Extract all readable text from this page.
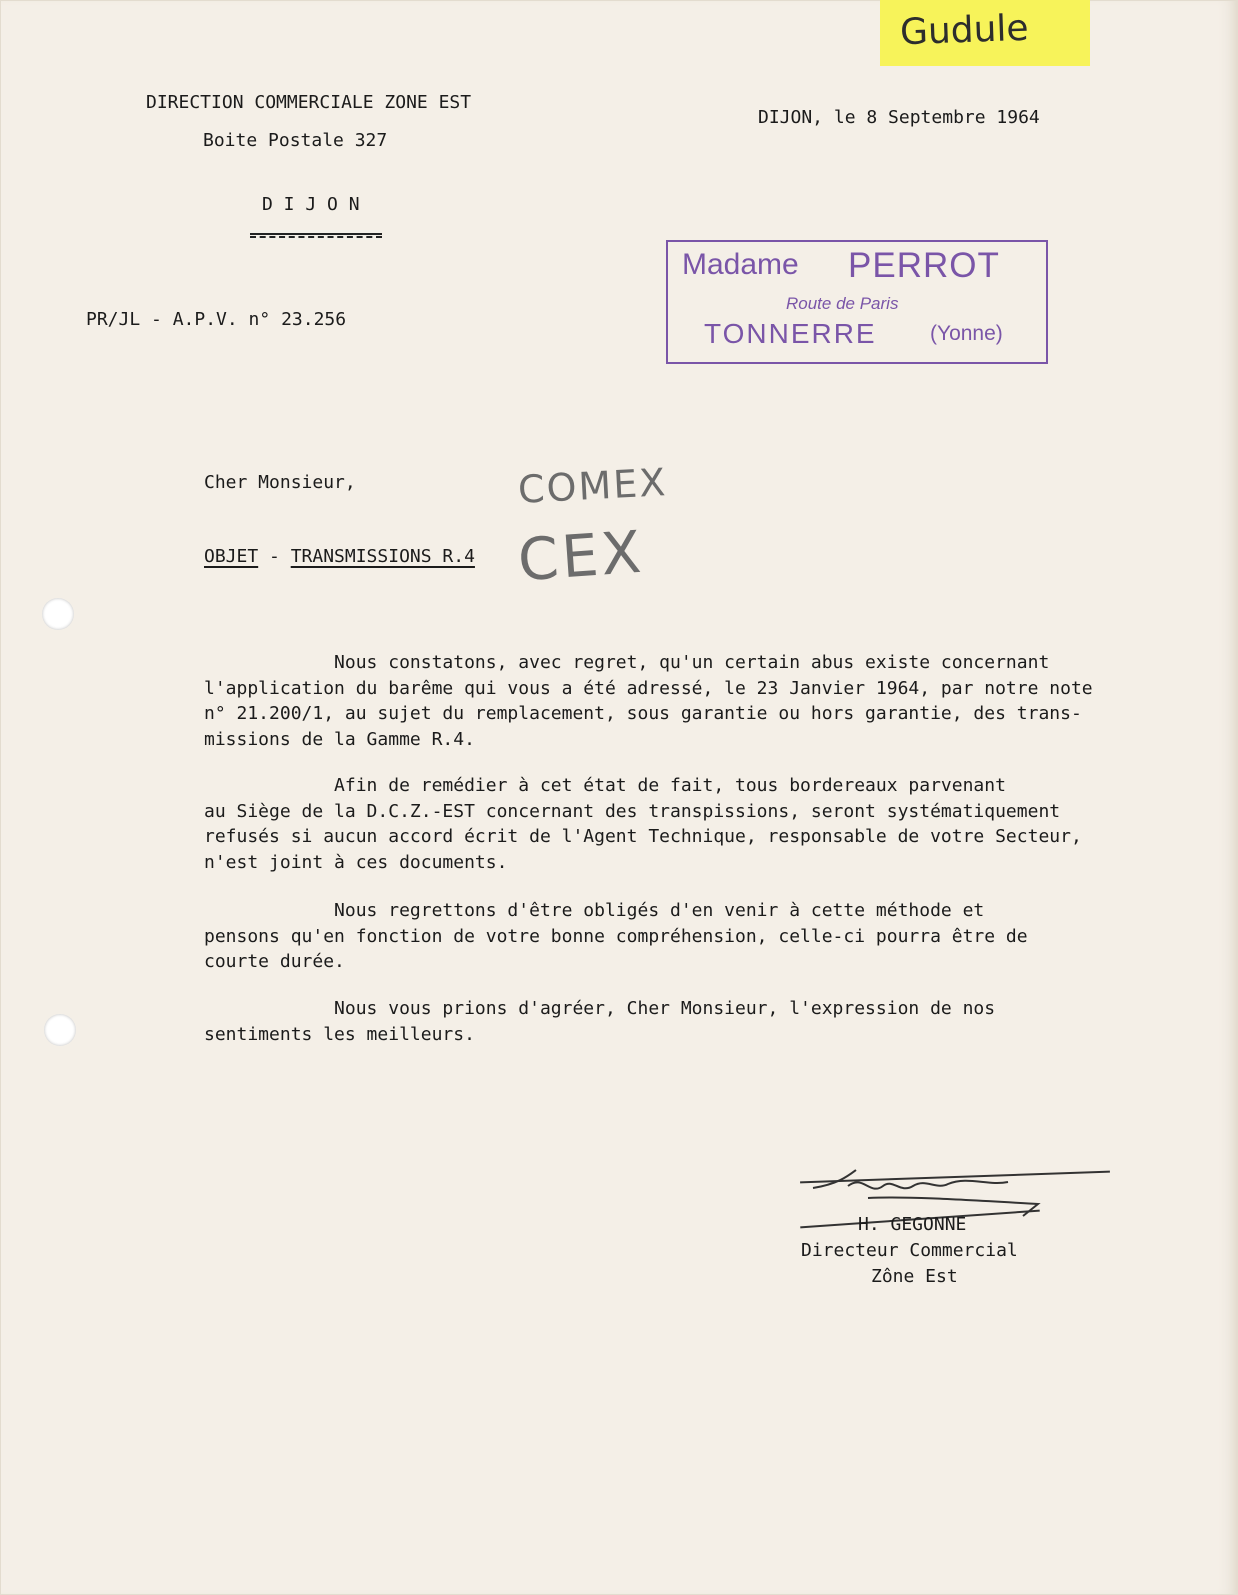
Gudule
DIRECTION COMMERCIALE ZONE EST
Boite Postale 327
D I J O N
DIJON, le 8 Septembre 1964
Madame PERROT
Route de Paris
TONNERRE	(Yonne)
PR/JL - A.P.V. n° 23.256
Cher Monsieur,	COMEX
OBJET - TRANSMISSIONS R.4 CEX
Nous constatons, avec regret, qu'un certain abus existe concernant
l'application du barême qui vous a été adressé, le 23 Janvier 1964, par notre note
n° 21.200/1, au sujet du remplacement, sous garantie ou hors garantie, des trans-
missions de la Gamme R.4.
Afin de remédier à cet état de fait, tous bordereaux parvenant
au Siège de la D.C.Z.-EST concernant des transpissions, seront systématiquement
refusés si aucun accord écrit de l'Agent Technique, responsable de votre Secteur,
n'est joint à ces documents.
Nous regrettons d'être obligés d'en venir à cette méthode et
pensons qu'en fonction de votre bonne compréhension, celle-ci pourra être de
courte durée.
Nous vous prions d'agréer, Cher Monsieur, l'expression de nos
sentiments les meilleurs.
H. GEGONNE
Directeur Commercial
Zône Est
